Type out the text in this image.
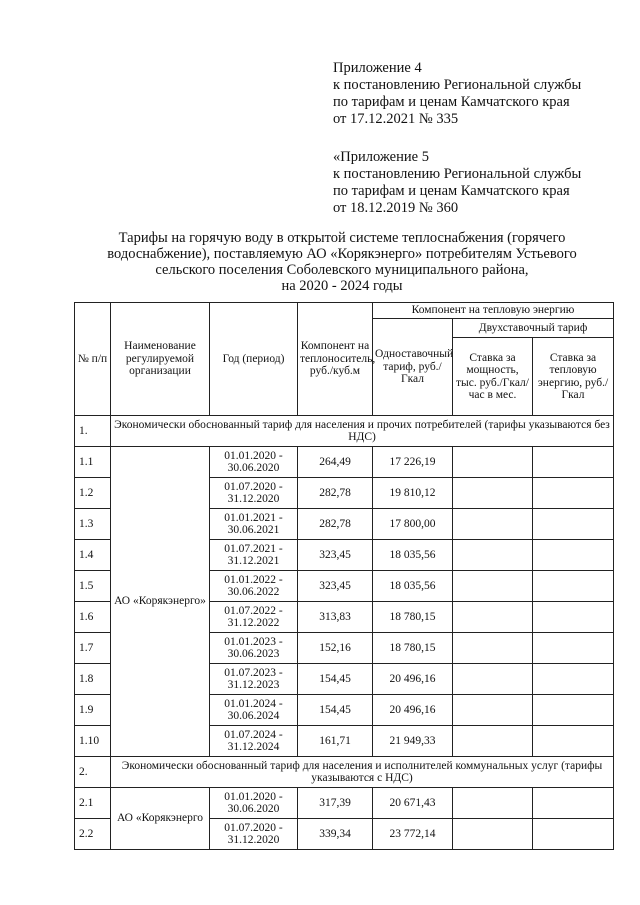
Приложение 4
к постановлению Региональной службы
по тарифам и ценам Камчатского края
от 17.12.2021 № 335
«Приложение 5
к постановлению Региональной службы
по тарифам и ценам Камчатского края
от 18.12.2019 № 360
Тарифы на горячую воду в открытой системе теплоснабжения (горячего
водоснабжение), поставляемую АО «Корякэнерго» потребителям Устьевого
сельского поселения Соболевского муниципального района,
на 2020 - 2024 годы
№ п/п	Наименование регулируемой организации	Год (период)	Компонент на теплоноситель, руб./куб.м	Компонент на тепловую энергию		
				Одноставочный тариф, руб./Гкал	Двухставочный тариф	
					Ставка за мощность, тыс. руб./Гкал/час в мес.	Ставка за тепловую энергию, руб./Гкал
1.	Экономически обоснованный тариф для населения и прочих потребителей (тарифы указываются без НДС)					
1.1	АО «Корякэнерго»	01.01.2020 - 30.06.2020	264,49	17 226,19		
1.2		01.07.2020 - 31.12.2020	282,78	19 810,12		
1.3		01.01.2021 - 30.06.2021	282,78	17 800,00		
1.4		01.07.2021 - 31.12.2021	323,45	18 035,56		
1.5		01.01.2022 - 30.06.2022	323,45	18 035,56		
1.6		01.07.2022 - 31.12.2022	313,83	18 780,15		
1.7		01.01.2023 - 30.06.2023	152,16	18 780,15		
1.8		01.07.2023 - 31.12.2023	154,45	20 496,16		
1.9		01.01.2024 - 30.06.2024	154,45	20 496,16		
1.10		01.07.2024 - 31.12.2024	161,71	21 949,33		
2.	Экономически обоснованный тариф для населения и исполнителей коммунальных услуг (тарифы указываются с НДС)					
2.1	АО «Корякэнерго	01.01.2020 - 30.06.2020	317,39	20 671,43		
2.2		01.07.2020 - 31.12.2020	339,34	23 772,14		
